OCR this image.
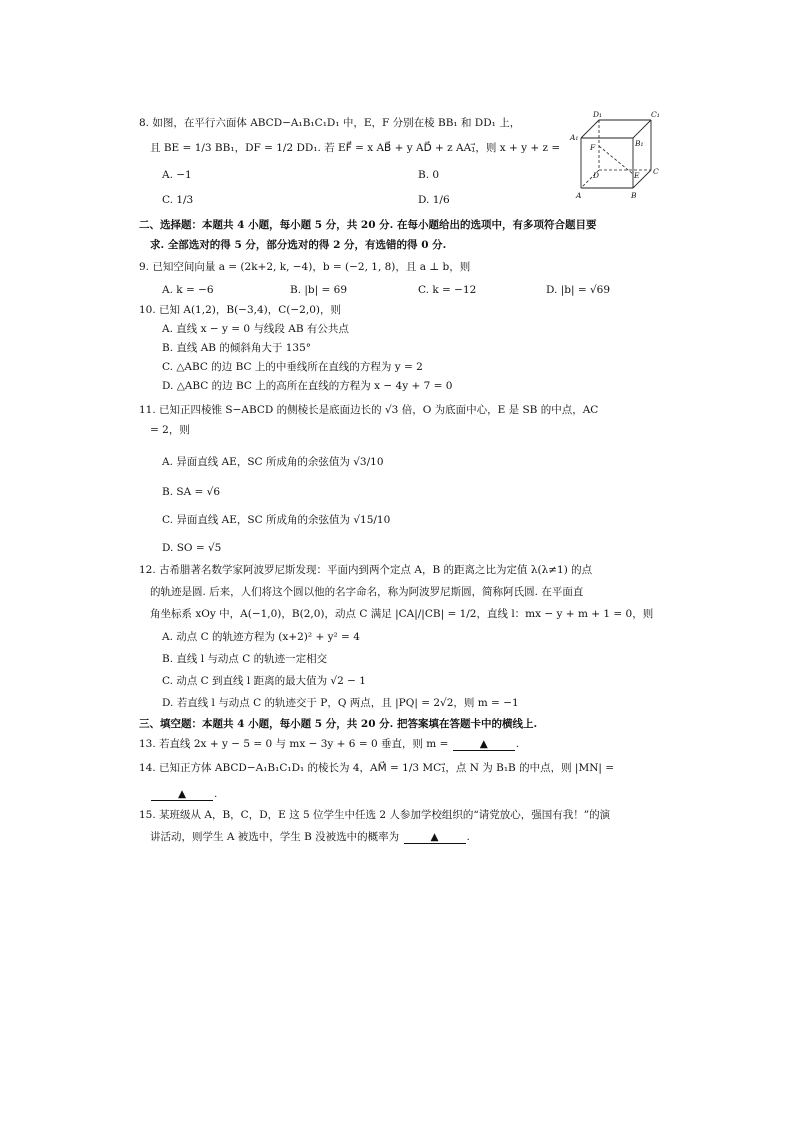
8. 如图，在平行六面体 ABCD−A₁B₁C₁D₁ 中，E，F 分别在棱 BB₁ 和 DD₁ 上，
且 BE = 1/3 BB₁，DF = 1/2 DD₁. 若 EF⃗ = x AB⃗ + y AD⃗ + z AA₁⃗，则 x + y + z =
A. −1	B. 0
C. 1/3	D. 1/6
D₁	C₁
A₁
B₁
F
D	C
E
A	B
二、选择题：本题共 4 小题，每小题 5 分，共 20 分. 在每小题给出的选项中，有多项符合题目要
求. 全部选对的得 5 分，部分选对的得 2 分，有选错的得 0 分.
9. 已知空间向量 a = (2k+2, k, −4)，b = (−2, 1, 8)，且 a ⊥ b，则
A. k = −6	B. |b| = 69	C. k = −12	D. |b| = √69
10. 已知 A(1,2)，B(−3,4)，C(−2,0)，则
A. 直线 x − y = 0 与线段 AB 有公共点
B. 直线 AB 的倾斜角大于 135°
C. △ABC 的边 BC 上的中垂线所在直线的方程为 y = 2
D. △ABC 的边 BC 上的高所在直线的方程为 x − 4y + 7 = 0
11. 已知正四棱锥 S−ABCD 的侧棱长是底面边长的 √3 倍，O 为底面中心，E 是 SB 的中点，AC
= 2，则
A. 异面直线 AE，SC 所成角的余弦值为 √3/10
B. SA = √6
C. 异面直线 AE，SC 所成角的余弦值为 √15/10
D. SO = √5
12. 古希腊著名数学家阿波罗尼斯发现：平面内到两个定点 A，B 的距离之比为定值 λ(λ≠1) 的点
的轨迹是圆. 后来，人们将这个圆以他的名字命名，称为阿波罗尼斯圆，简称阿氏圆. 在平面直
角坐标系 xOy 中，A(−1,0)，B(2,0)，动点 C 满足 |CA|/|CB| = 1/2，直线 l：mx − y + m + 1 = 0，则
A. 动点 C 的轨迹方程为 (x+2)² + y² = 4
B. 直线 l 与动点 C 的轨迹一定相交
C. 动点 C 到直线 l 距离的最大值为 √2 − 1
D. 若直线 l 与动点 C 的轨迹交于 P，Q 两点，且 |PQ| = 2√2，则 m = −1
三、填空题：本题共 4 小题，每小题 5 分，共 20 分. 把答案填在答题卡中的横线上.
13. 若直线 2x + y − 5 = 0 与 mx − 3y + 6 = 0 垂直，则 m =	▲	.
14. 已知正方体 ABCD−A₁B₁C₁D₁ 的棱长为 4，AM⃗ = 1/3 MC₁⃗，点 N 为 B₁B 的中点，则 |MN| =
▲	.
15. 某班级从 A，B，C，D，E 这 5 位学生中任选 2 人参加学校组织的“请党放心，强国有我！”的演
讲活动，则学生 A 被选中，学生 B 没被选中的概率为	▲	.
